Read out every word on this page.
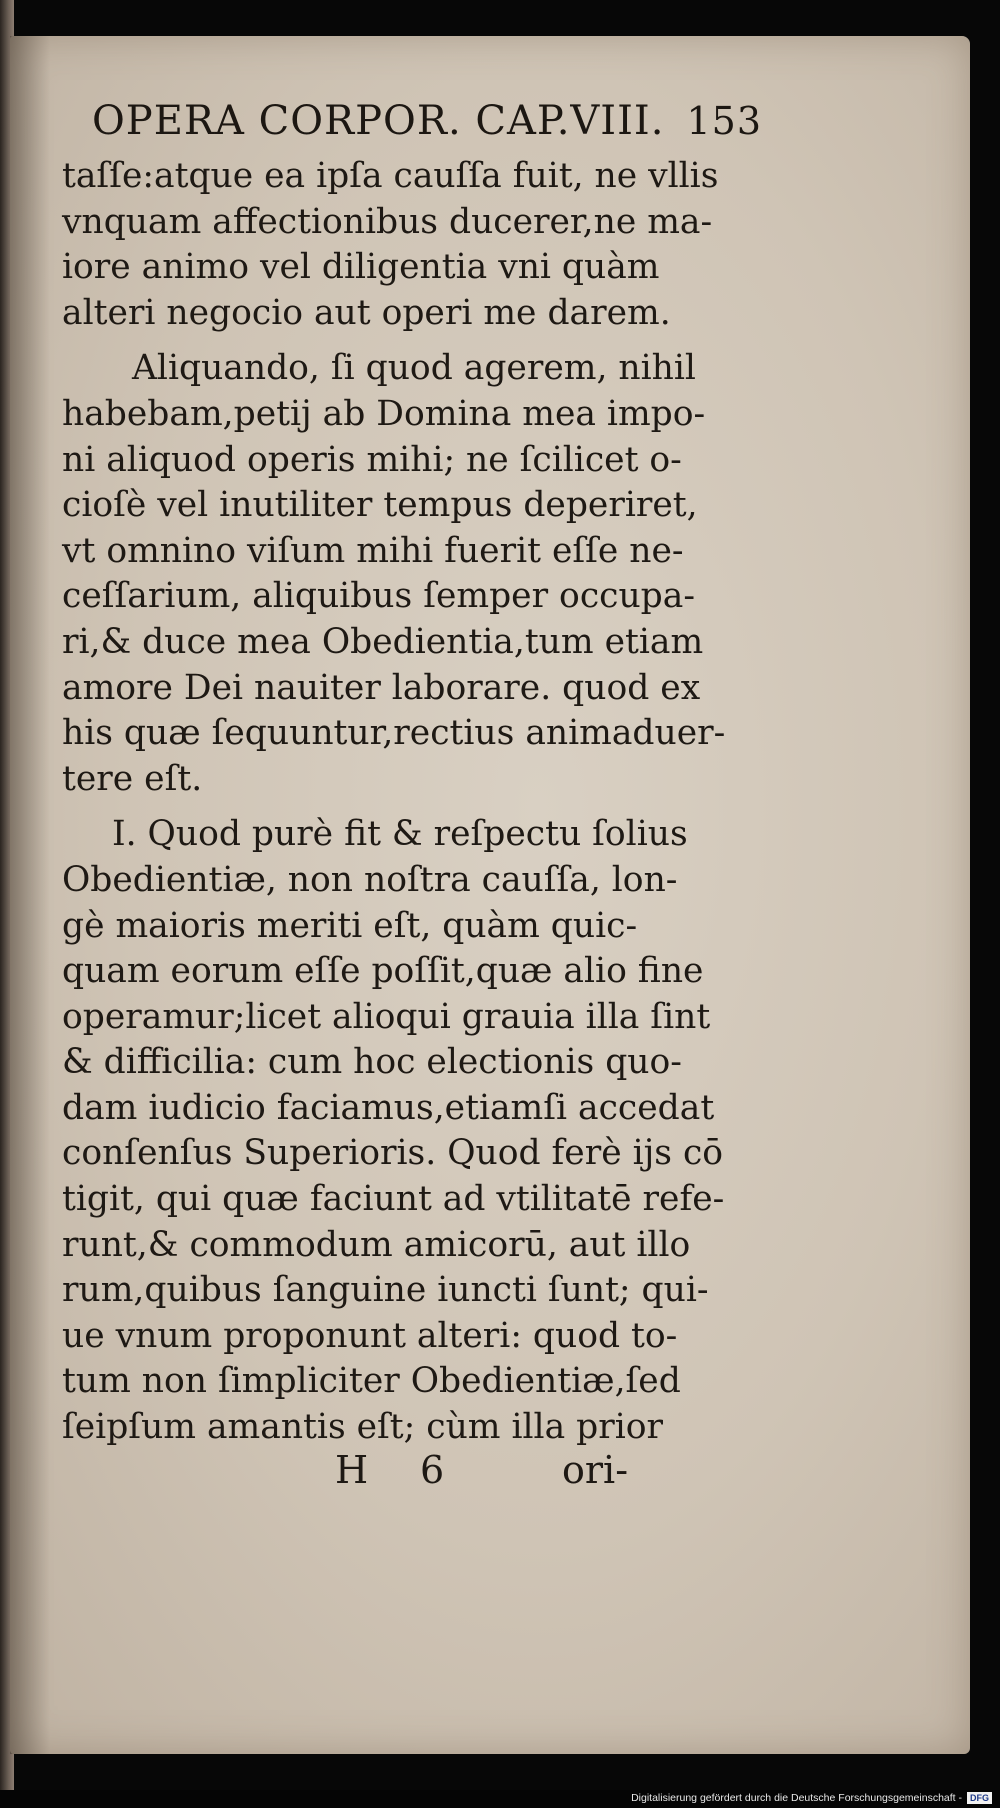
OPERA CORPOR. CAP.VIII. 153
taſſe:atque ea ipſa cauſſa fuit, ne vllis
vnquam affectionibus ducerer,ne ma-
iore animo vel diligentia vni quàm
alteri negocio aut operi me darem.
Aliquando, ſi quod agerem, nihil
habebam,petij ab Domina mea impo-
ni aliquod operis mihi; ne ſcilicet o-
cioſè vel inutiliter tempus deperiret,
vt omnino viſum mihi fuerit eſſe ne-
ceſſarium, aliquibus ſemper occupa-
ri,& duce mea Obedientia,tum etiam
amore Dei nauiter laborare. quod ex
his quæ ſequuntur,rectius animaduer-
tere eſt.
I. Quod purè fit & reſpectu ſolius
Obedientiæ, non noſtra cauſſa, lon-
gè maioris meriti eſt, quàm quic-
quam eorum eſſe poſſit,quæ alio fine
operamur;licet alioqui grauia illa ſint
& difficilia: cum hoc electionis quo-
dam iudicio faciamus,etiamſi accedat
conſenſus Superioris. Quod ferè ijs cō
tigit, qui quæ faciunt ad vtilitatē refe-
runt,& commodum amicorū, aut illo
rum,quibus ſanguine iuncti ſunt; qui-
ue vnum proponunt alteri: quod to-
tum non ſimpliciter Obedientiæ,ſed
ſeipſum amantis eſt; cùm illa prior
H 6	ori-
Digitalisierung gefördert durch die Deutsche Forschungsgemeinschaft - DFG
